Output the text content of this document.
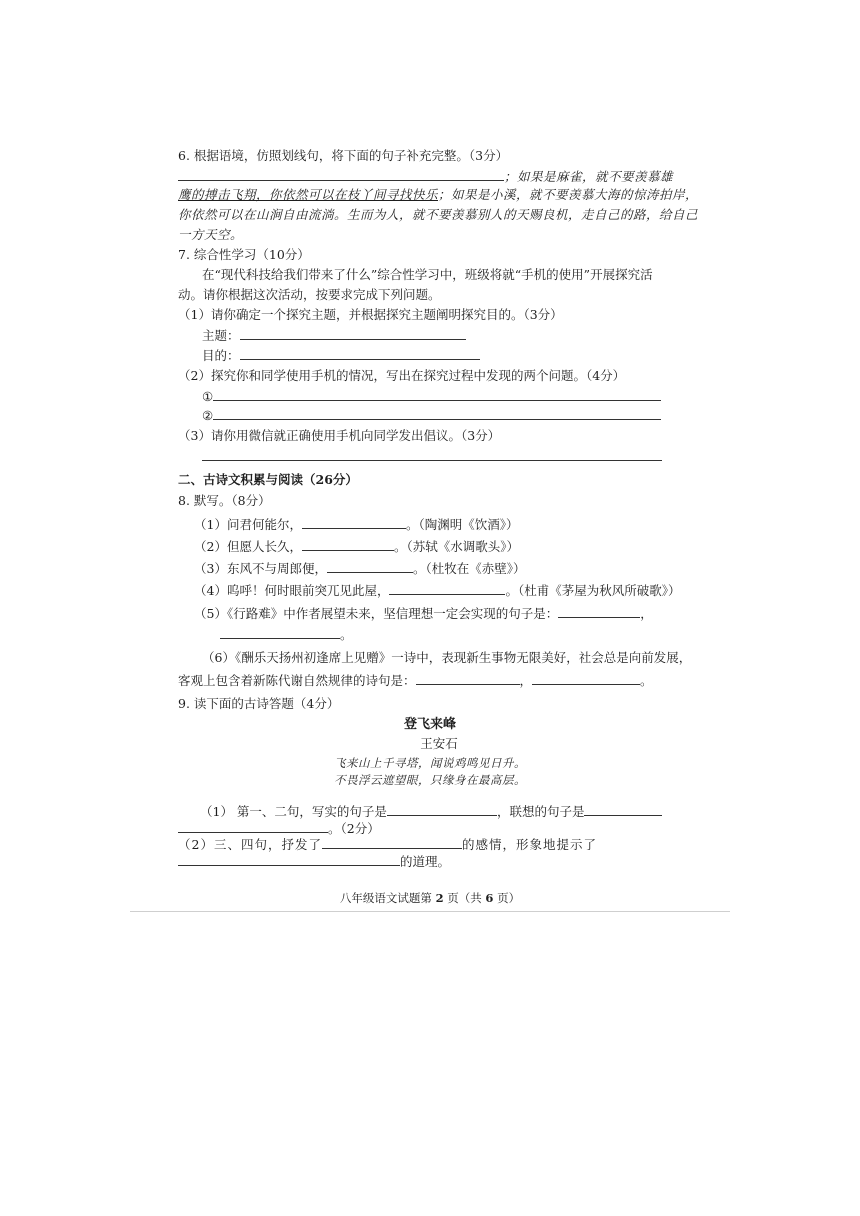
6. 根据语境，仿照划线句，将下面的句子补充完整。（3分）
；如果是麻雀，就不要羡慕雄
鹰的搏击飞翔，你依然可以在枝丫间寻找快乐；如果是小溪，就不要羡慕大海的惊涛拍岸，
你依然可以在山涧自由流淌。生而为人，就不要羡慕别人的天赐良机，走自己的路，给自己
一方天空。
7. 综合性学习（10分）
在“现代科技给我们带来了什么”综合性学习中，班级将就“手机的使用”开展探究活
动。请你根据这次活动，按要求完成下列问题。
（1）请你确定一个探究主题，并根据探究主题阐明探究目的。（3分）
主题：
目的：
（2）探究你和同学使用手机的情况，写出在探究过程中发现的两个问题。（4分）
①
②
（3）请你用微信就正确使用手机向同学发出倡议。（3分）
二、古诗文积累与阅读（26分）
8. 默写。（8分）
（1）问君何能尔，	。（陶渊明《饮酒》）
（2）但愿人长久，	。（苏轼《水调歌头》）
（3）东风不与周郎便，	。（杜牧在《赤壁》）
（4）呜呼！何时眼前突兀见此屋，	。（杜甫《茅屋为秋风所破歌》）
（5）《行路难》中作者展望未来，坚信理想一定会实现的句子是：	，
。
（6）《酬乐天扬州初逢席上见赠》一诗中，表现新生事物无限美好，社会总是向前发展，
客观上包含着新陈代谢自然规律的诗句是：	，	。
9. 读下面的古诗答题（4分）
登飞来峰
王安石
飞来山上千寻塔，闻说鸡鸣见日升。
不畏浮云遮望眼，只缘身在最高层。
（1） 第一、二句，写实的句子是	，联想的句子是
。（2分）
（2）三、四句，抒发了	的感情，形象地提示了
的道理。
八年级语文试题第 2 页（共 6 页）
